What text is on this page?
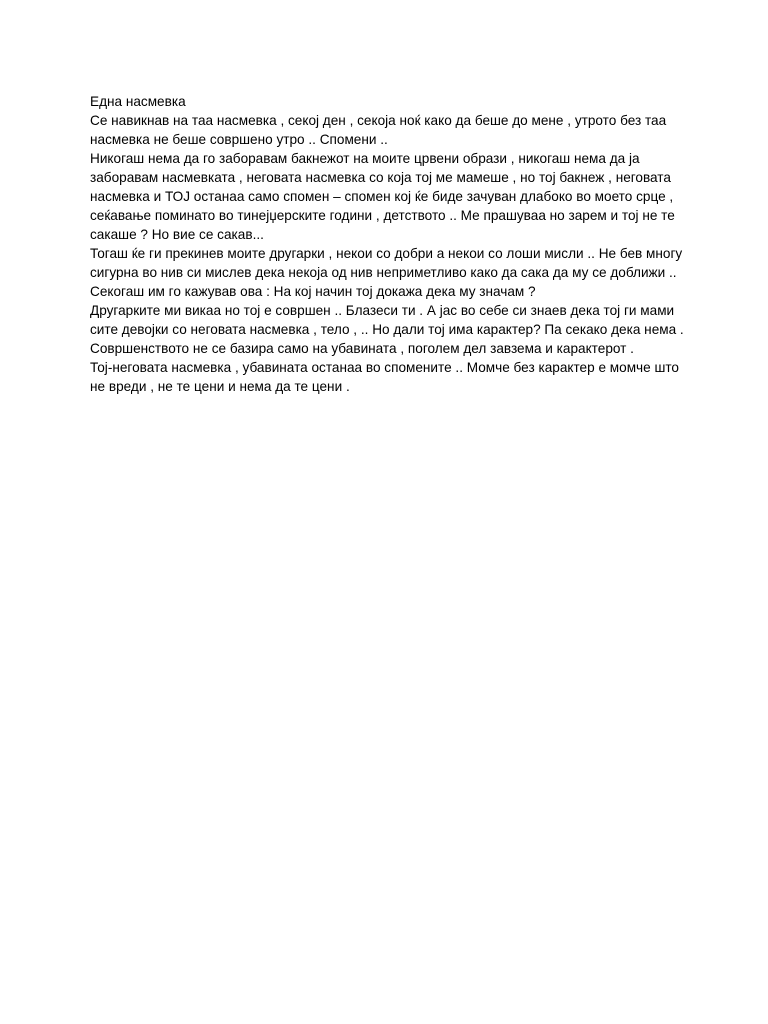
Една насмевка

Се навикнав на таа насмевка , секој ден , секоја ноќ како да беше до мене , утрото без таа насмевка не беше совршено утро .. Спомени ..

Никогаш нема да го заборавам бакнежот на моите црвени образи , никогаш нема да ја заборавам насмевката , неговата насмевка со која тој ме мамеше , но тој бакнеж , неговата насмевка и ТОЈ останаа само спомен – спомен кој ќе биде зачуван длабоко во моето срце , сеќавање поминато во тинејџерските години , детството .. Ме прашуваа но зарем и тој не те сакаше ? Но вие се сакав...

Тогаш ќе ги прекинев моите другарки , некои со добри а некои со лоши мисли .. Не бев многу сигурна во нив си мислев дека некоја од нив неприметливо како да сака да му се доближи .. Секогаш им го кажував ова : На кој начин тој докажа дека му значам ?

Другарките ми викаа но тој е совршен .. Блазеси ти . А јас во себе си знаев дека тој ги мами сите девојки со неговата насмевка , тело , .. Но дали тој има карактер? Па секако дека нема .

Совршенството не се базира само на убавината , поголем дел завзема и карактерот .

Тој-неговата насмевка , убавината останаа во спомените .. Момче без карактер е момче што не вреди , не те цени и нема да те цени .
